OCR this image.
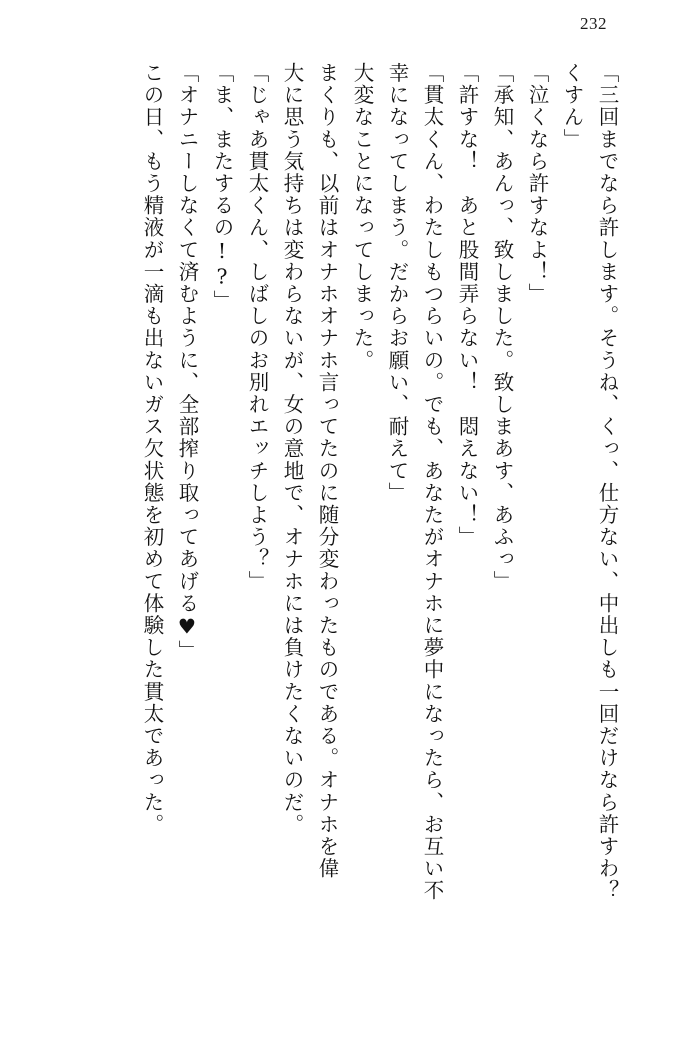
232
「三回までなら許します。そうね、くっ、仕方ない、中出しも一回だけなら許すわ？
くすん」
「泣くなら許すなよ！」
「承知、あんっ、致しました。致しまあす、あふっ」
「許すな！　あと股間弄らない！　悶えない！」
「貫太くん、わたしもつらいの。でも、あなたがオナホに夢中になったら、お互い不
幸になってしまう。だからお願い、耐えて」
大変なことになってしまった。
まくりも、以前はオナホオナホ言ってたのに随分変わったものである。オナホを偉
大に思う気持ちは変わらないが、女の意地で、オナホには負けたくないのだ。
「じゃあ貫太くん、しばしのお別れエッチしよう？」
「ま、またするの!?」
「オナニーしなくて済むように、全部搾り取ってあげる♥」
この日、もう精液が一滴も出ないガス欠状態を初めて体験した貫太であった。
